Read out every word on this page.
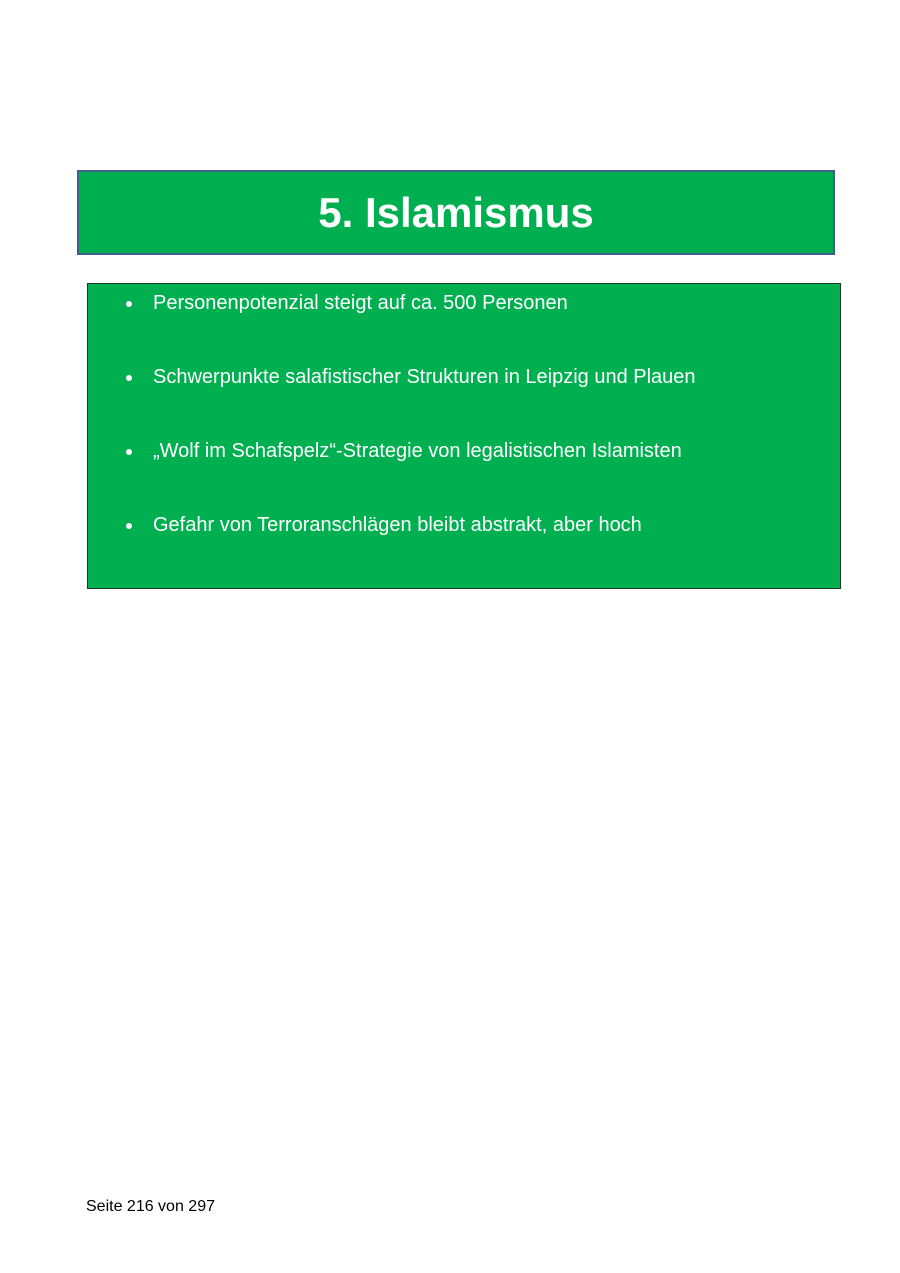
5. Islamismus
Personenpotenzial steigt auf ca. 500 Personen
Schwerpunkte salafistischer Strukturen in Leipzig und Plauen
„Wolf im Schafspelz“-Strategie von legalistischen Islamisten
Gefahr von Terroranschlägen bleibt abstrakt, aber hoch
Seite 216 von 297
